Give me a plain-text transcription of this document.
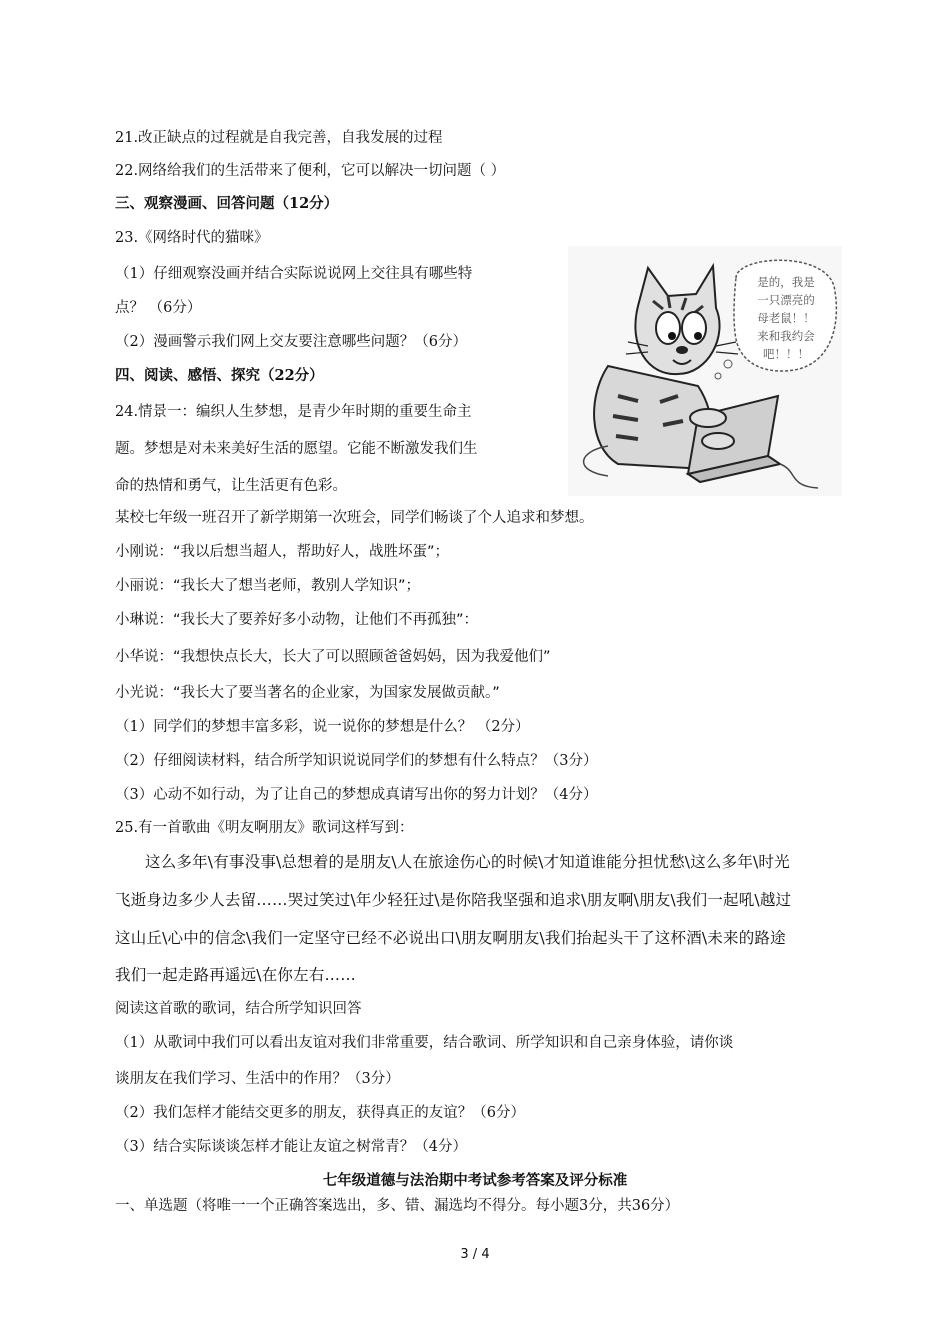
21.改正缺点的过程就是自我完善，自我发展的过程
22.网络给我们的生活带来了便利，它可以解决一切问题（ ）
三、观察漫画、回答问题（12分）
23.《网络时代的猫咪》
（1）仔细观察没画并结合实际说说网上交往具有哪些特
点？ （6分）
（2）漫画警示我们网上交友要注意哪些问题？（6分）
是的，我是
一只漂亮的
母老鼠！！
来和我约会
吧！！！
四、阅读、感悟、探究（22分）
24.情景一：编织人生梦想，是青少年时期的重要生命主
题。梦想是对未来美好生活的愿望。它能不断激发我们生
命的热情和勇气，让生活更有色彩。
某校七年级一班召开了新学期第一次班会，同学们畅谈了个人追求和梦想。
小刚说：“我以后想当超人，帮助好人，战胜坏蛋”；
小丽说：“我长大了想当老师，教别人学知识”；
小琳说：“我长大了要养好多小动物，让他们不再孤独”：
小华说：“我想快点长大，长大了可以照顾爸爸妈妈，因为我爱他们”
小光说：“我长大了要当著名的企业家，为国家发展做贡献。”
（1）同学们的梦想丰富多彩，说一说你的梦想是什么？ （2分）
（2）仔细阅读材料，结合所学知识说说同学们的梦想有什么特点？（3分）
（3）心动不如行动，为了让自己的梦想成真请写出你的努力计划？（4分）
25.有一首歌曲《明友啊朋友》歌词这样写到：
这么多年\有事没事\总想着的是朋友\人在旅途伤心的时候\才知道谁能分担忧愁\这么多年\时光
飞逝身边多少人去留……哭过笑过\年少轻狂过\是你陪我坚强和追求\朋友啊\朋友\我们一起吼\越过
这山丘\心中的信念\我们一定坚守已经不必说出口\朋友啊朋友\我们抬起头干了这杯酒\未来的路途
我们一起走路再遥远\在你左右……
阅读这首歌的歌词，结合所学知识回答
（1）从歌词中我们可以看出友谊对我们非常重要，结合歌词、所学知识和自己亲身体验，请你谈
谈朋友在我们学习、生活中的作用？（3分）
（2）我们怎样才能结交更多的朋友，获得真正的友谊？（6分）
（3）结合实际谈谈怎样才能让友谊之树常青？（4分）
七年级道德与法治期中考试参考答案及评分标准
一、单选题（将唯一一个正确答案选出，多、错、漏选均不得分。每小题3分，共36分）
3 / 4
